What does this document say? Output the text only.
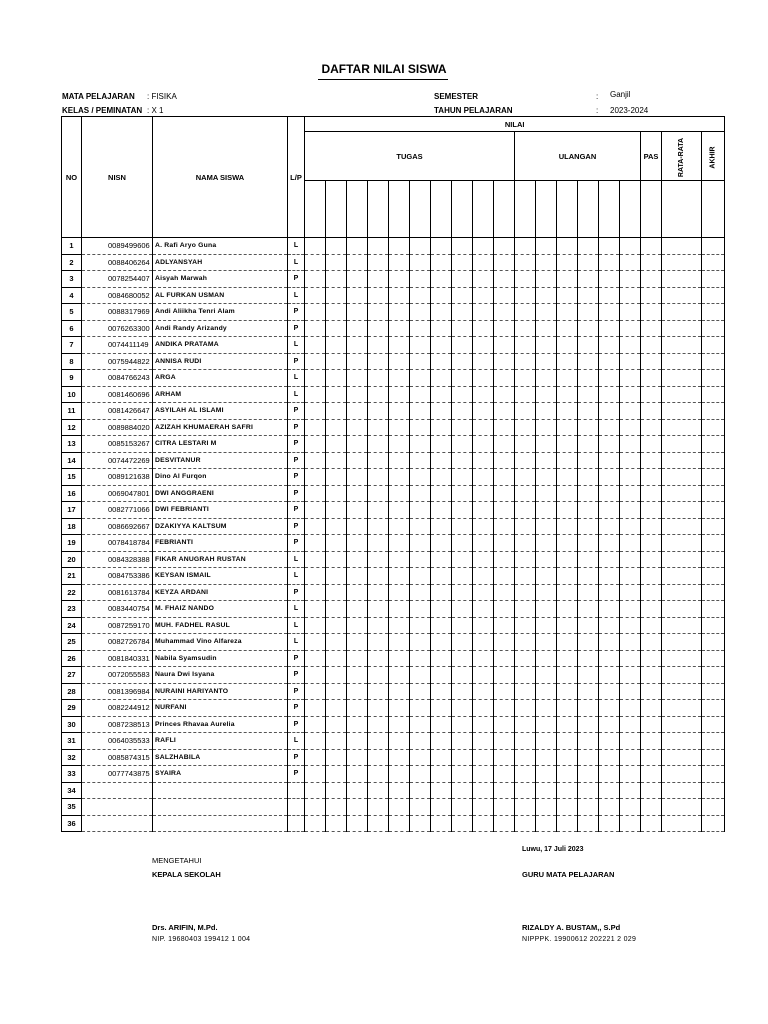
DAFTAR NILAI SISWA
MATA PELAJARAN : FISIKA
KELAS / PEMINATAN : X 1
SEMESTER	: Ganjil
TAHUN PELAJARAN	: 2023-2024
NO	NISN	NAMA SISWA	L/P	NILAI																		
				TUGAS										ULANGAN						PAS	RATA-RATA	AKHIR

1	0089499606	A. Rafi Aryo Guna	L																			
2	0088406264	ADLYANSYAH	L																			
3	0078254407	Aisyah Marwah	P																			
4	0084680052	AL FURKAN USMAN	L																			
5	0088317969	Andi Aliikha Tenri Alam	P																			
6	0076263300	Andi Randy Arizandy	P																			
7	0074411149	ANDIKA PRATAMA	L																			
8	0075944822	ANNISA RUDI	P																			
9	0084766243	ARGA	L																			
10	0081460696	ARHAM	L																			
11	0081426647	ASYILAH AL ISLAMI	P																			
12	0089884020	AZIZAH KHUMAERAH SAFRI	P																			
13	0085153267	CITRA LESTARI M	P																			
14	0074472269	DESVITANUR	P																			
15	0089121638	Dino Al Furqon	P																			
16	0069047801	DWI ANGGRAENI	P																			
17	0082771066	DWI FEBRIANTI	P																			
18	0086692667	DZAKIYYA KALTSUM	P																			
19	0078418784	FEBRIANTI	P																			
20	0084328388	FIKAR ANUGRAH RUSTAN	L																			
21	0084753386	KEYSAN ISMAIL	L																			
22	0081613784	KEYZA ARDANI	P																			
23	0083440754	M. FHAIZ NANDO	L																			
24	0087259170	MUH. FADHEL RASUL	L																			
25	0082726784	Muhammad Vino Alfareza	L																			
26	0081840331	Nabila Syamsudin	P																			
27	0072055583	Naura Dwi Isyana	P																			
28	0081396984	NURAINI HARIYANTO	P																			
29	0082244912	NURFANI	P																			
30	0087238513	Princes Rhavaa Aurelia	P																			
31	0064035533	RAFLI	L																			
32	0085874315	SALZHABILA	P																			
33	0077743875	SYAIRA	P																			
34																						
35																						
36																						
Luwu, 17 Juli 2023
MENGETAHUI
KEPALA SEKOLAH	GURU MATA PELAJARAN
Drs. ARIFIN, M.Pd.
NIP. 19680403 199412 1 004
RIZALDY A. BUSTAM,, S.Pd
NIPPPK. 19900612 202221 2 029
